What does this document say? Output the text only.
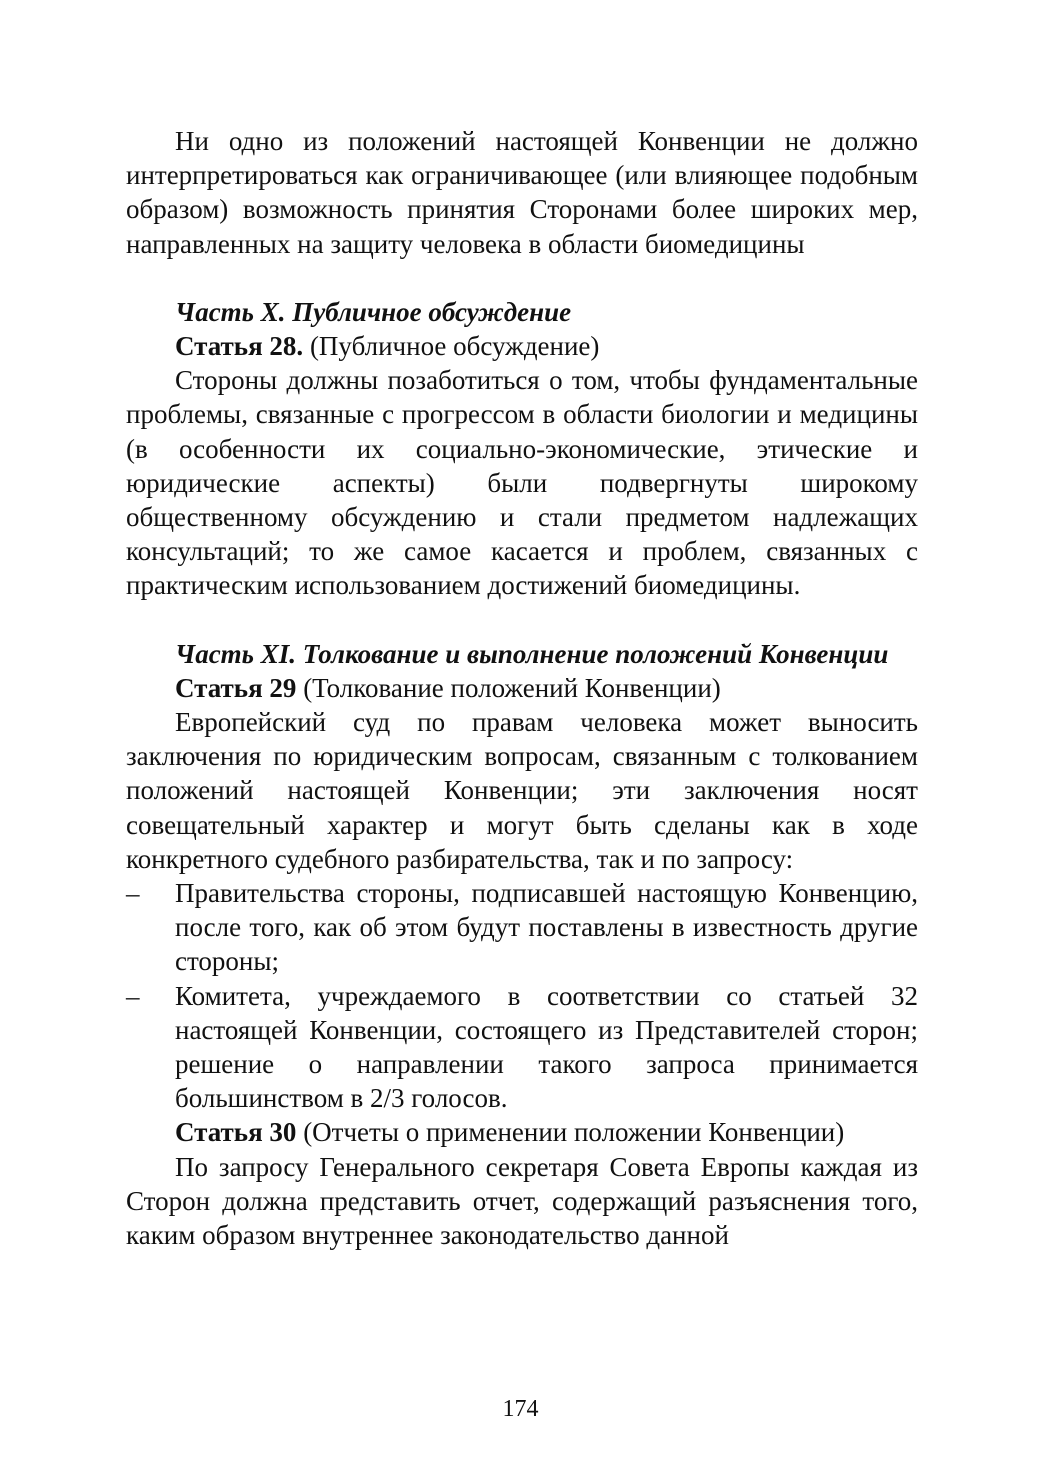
Ни одно из положений настоящей Конвенции не должно интерпретироваться как ограничивающее (или влияющее подобным образом) возможность принятия Сторонами более широких мер, направленных на защиту человека в области биомедицины

Часть X. Публичное обсуждение

Статья 28. (Публичное обсуждение)

Стороны должны позаботиться о том, чтобы фундаментальные проблемы, связанные с прогрессом в области биологии и медицины (в особенности их социально-экономические, этические и юридические аспекты) были подвергнуты широкому общественному обсуждению и стали предметом надлежащих консультаций; то же самое касается и проблем, связанных с практическим использованием достижений биомедицины.

Часть XI. Толкование и выполнение положений Конвенции

Статья 29 (Толкование положений Конвенции)

Европейский суд по правам человека может выносить заключения по юридическим вопросам, связанным с толкованием положений настоящей Конвенции; эти заключения носят совещательный характер и могут быть сделаны как в ходе конкретного судебного разбирательства, так и по запросу:

– Правительства стороны, подписавшей настоящую Конвенцию, после того, как об этом будут поставлены в известность другие стороны;

– Комитета, учреждаемого в соответствии со статьей 32 настоящей Конвенции, состоящего из Представителей сторон; решение о направлении такого запроса принимается большинством в 2/3 голосов.

Статья 30 (Отчеты о применении положении Конвенции)

По запросу Генерального секретаря Совета Европы каждая из Сторон должна представить отчет, содержащий разъяснения того, каким образом внутреннее законодательство данной

174
